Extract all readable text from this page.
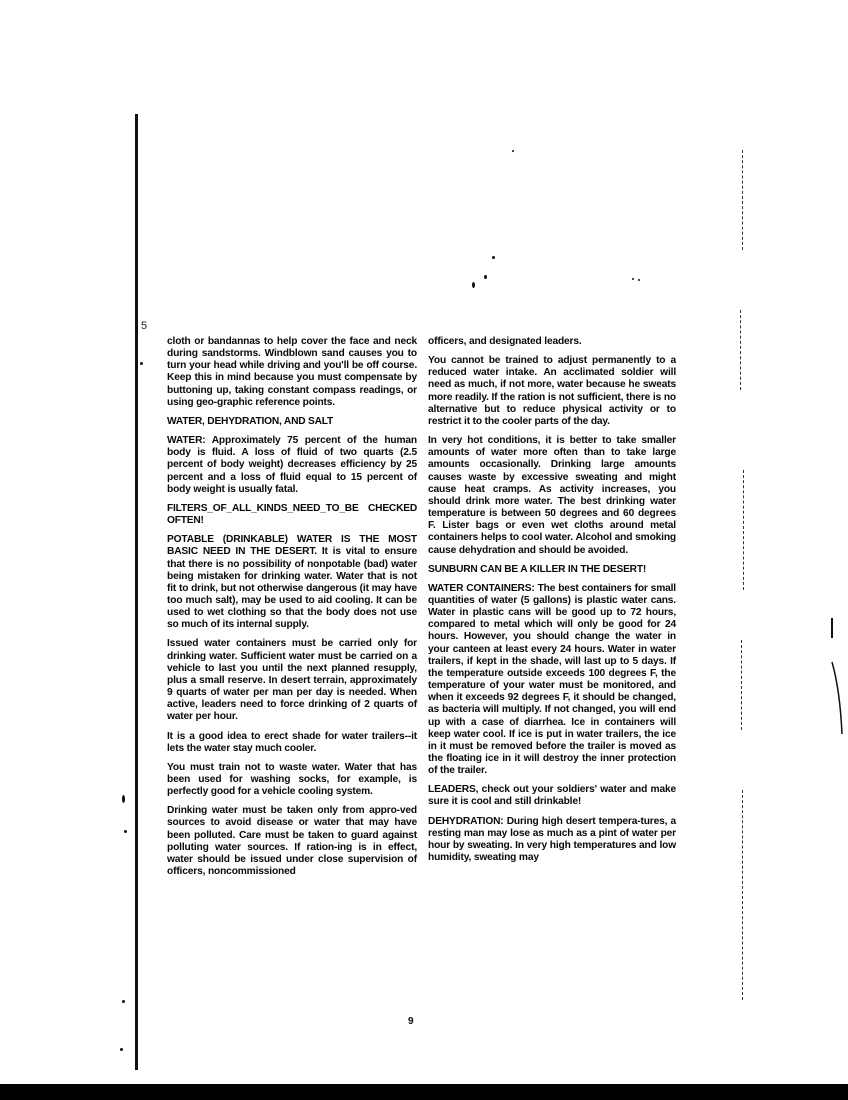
5

cloth or bandannas to help cover the face and neck during sandstorms. Windblown sand causes you to turn your head while driving and you'll be off course. Keep this in mind because you must compensate by buttoning up, taking constant compass readings, or using geo-graphic reference points.

WATER, DEHYDRATION, AND SALT

WATER: Approximately 75 percent of the human body is fluid. A loss of fluid of two quarts (2.5 percent of body weight) decreases efficiency by 25 percent and a loss of fluid equal to 15 percent of body weight is usually fatal.

FILTERS_OF_ALL_KINDS_NEED_TO_BE CHECKED OFTEN!

POTABLE (DRINKABLE) WATER IS THE MOST BASIC NEED IN THE DESERT. It is vital to ensure that there is no possibility of nonpotable (bad) water being mistaken for drinking water. Water that is not fit to drink, but not otherwise dangerous (it may have too much salt), may be used to aid cooling. It can be used to wet clothing so that the body does not use so much of its internal supply.

Issued water containers must be carried only for drinking water. Sufficient water must be carried on a vehicle to last you until the next planned resupply, plus a small reserve. In desert terrain, approximately 9 quarts of water per man per day is needed. When active, leaders need to force drinking of 2 quarts of water per hour.

It is a good idea to erect shade for water trailers--it lets the water stay much cooler.

You must train not to waste water. Water that has been used for washing socks, for example, is perfectly good for a vehicle cooling system.

Drinking water must be taken only from appro-ved sources to avoid disease or water that may have been polluted. Care must be taken to guard against polluting water sources. If ration-ing is in effect, water should be issued under close supervision of officers, noncommissioned

officers, and designated leaders.

You cannot be trained to adjust permanently to a reduced water intake. An acclimated soldier will need as much, if not more, water because he sweats more readily. If the ration is not sufficient, there is no alternative but to reduce physical activity or to restrict it to the cooler parts of the day.

In very hot conditions, it is better to take smaller amounts of water more often than to take large amounts occasionally. Drinking large amounts causes waste by excessive sweating and might cause heat cramps. As activity increases, you should drink more water. The best drinking water temperature is between 50 degrees and 60 degrees F. Lister bags or even wet cloths around metal containers helps to cool water. Alcohol and smoking cause dehydration and should be avoided.

SUNBURN CAN BE A KILLER IN THE DESERT!

WATER CONTAINERS: The best containers for small quantities of water (5 gallons) is plastic water cans. Water in plastic cans will be good up to 72 hours, compared to metal which will only be good for 24 hours. However, you should change the water in your canteen at least every 24 hours. Water in water trailers, if kept in the shade, will last up to 5 days. If the temperature outside exceeds 100 degrees F, the temperature of your water must be monitored, and when it exceeds 92 degrees F, it should be changed, as bacteria will multiply. If not changed, you will end up with a case of diarrhea. Ice in containers will keep water cool. If ice is put in water trailers, the ice in it must be removed before the trailer is moved as the floating ice in it will destroy the inner protection of the trailer.

LEADERS, check out your soldiers' water and make sure it is cool and still drinkable!

DEHYDRATION: During high desert tempera-tures, a resting man may lose as much as a pint of water per hour by sweating. In very high temperatures and low humidity, sweating may

9
